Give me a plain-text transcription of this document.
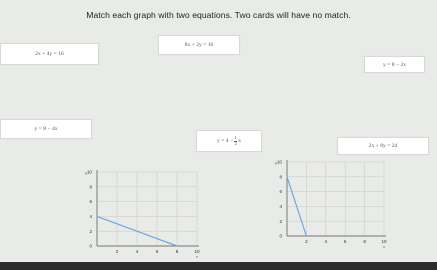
Match each graph with two equations. Two cards will have no match.
8x + 2y = 16
2x + 4y = 16
y = 8 − 2x
y = 8 − 4x
$y = 4 - \frac{1}{2}$ x
2x + 8y = 24
10
8
6
4
2
0
2	4	6	8	10
y
x
10
8
6
4
2
0
2	4	6	8	10
y
x
